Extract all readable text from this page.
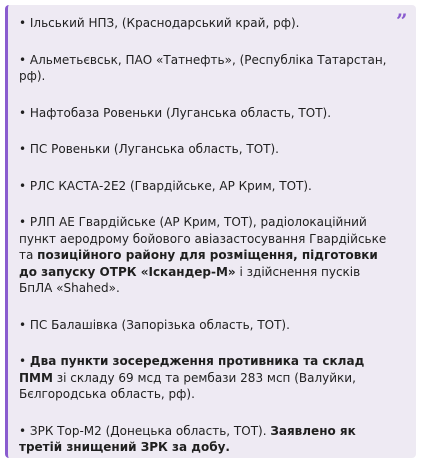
”
• Ільський НПЗ, (Краснодарський край, рф).
• Альметьєвськ, ПАО «Татнефть», (Республіка Татарстан, рф).
• Нафтобаза Ровеньки (Луганська область, ТОТ).
• ПС Ровеньки (Луганська область, ТОТ).
• РЛС КАСТА-2Е2 (Гвардійське, АР Крим, ТОТ).
• РЛП АЕ Гвардійське (АР Крим, ТОТ), радіолокаційний пункт аеродрому бойового авіазастосування Гвардійське та позиційного району для розміщення, підготовки до запуску ОТРК «Іскандер-М» і здійснення пусків БпЛА «Shahed».
• ПС Балашівка (Запорізька область, ТОТ).
• Два пункти зосередження противника та склад ПММ зі складу 69 мсд та рембази 283 мсп (Валуйки, Бєлгородська область, рф).
• ЗРК Тор-М2 (Донецька область, ТОТ). Заявлено як третій знищений ЗРК за добу.
